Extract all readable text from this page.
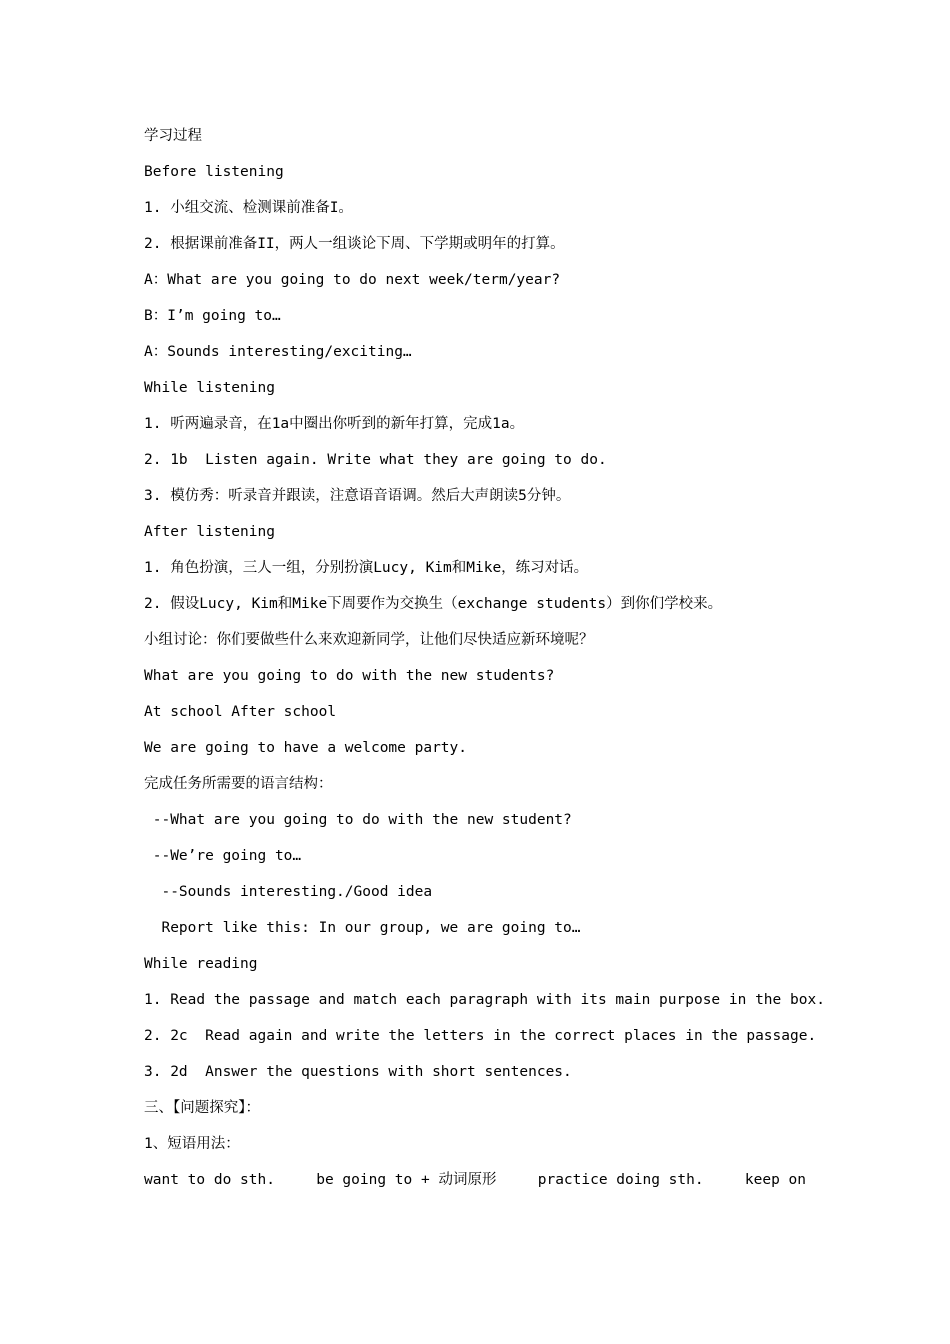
学习过程
Before listening
1. 小组交流、检测课前准备I。
2. 根据课前准备II，两人一组谈论下周、下学期或明年的打算。
A：What are you going to do next week/term/year?
B：I’m going to…
A：Sounds interesting/exciting…
While listening
1. 听两遍录音，在1a中圈出你听到的新年打算，完成1a。
2. 1b  Listen again. Write what they are going to do.
3. 模仿秀：听录音并跟读，注意语音语调。然后大声朗读5分钟。
After listening
1. 角色扮演，三人一组，分别扮演Lucy, Kim和Mike，练习对话。
2. 假设Lucy, Kim和Mike下周要作为交换生（exchange students）到你们学校来。
小组讨论：你们要做些什么来欢迎新同学，让他们尽快适应新环境呢？
What are you going to do with the new students?
At school After school
We are going to have a welcome party.
完成任务所需要的语言结构：
--What are you going to do with the new student?
--We’re going to…
--Sounds interesting./Good idea
Report like this: In our group, we are going to…
While reading
1. Read the passage and match each paragraph with its main purpose in the box.
2. 2c  Read again and write the letters in the correct places in the passage.
3. 2d  Answer the questions with short sentences.
三、【问题探究】：
1、短语用法：
want to do sth.	be going to + 动词原形	practice doing sth.	keep on
